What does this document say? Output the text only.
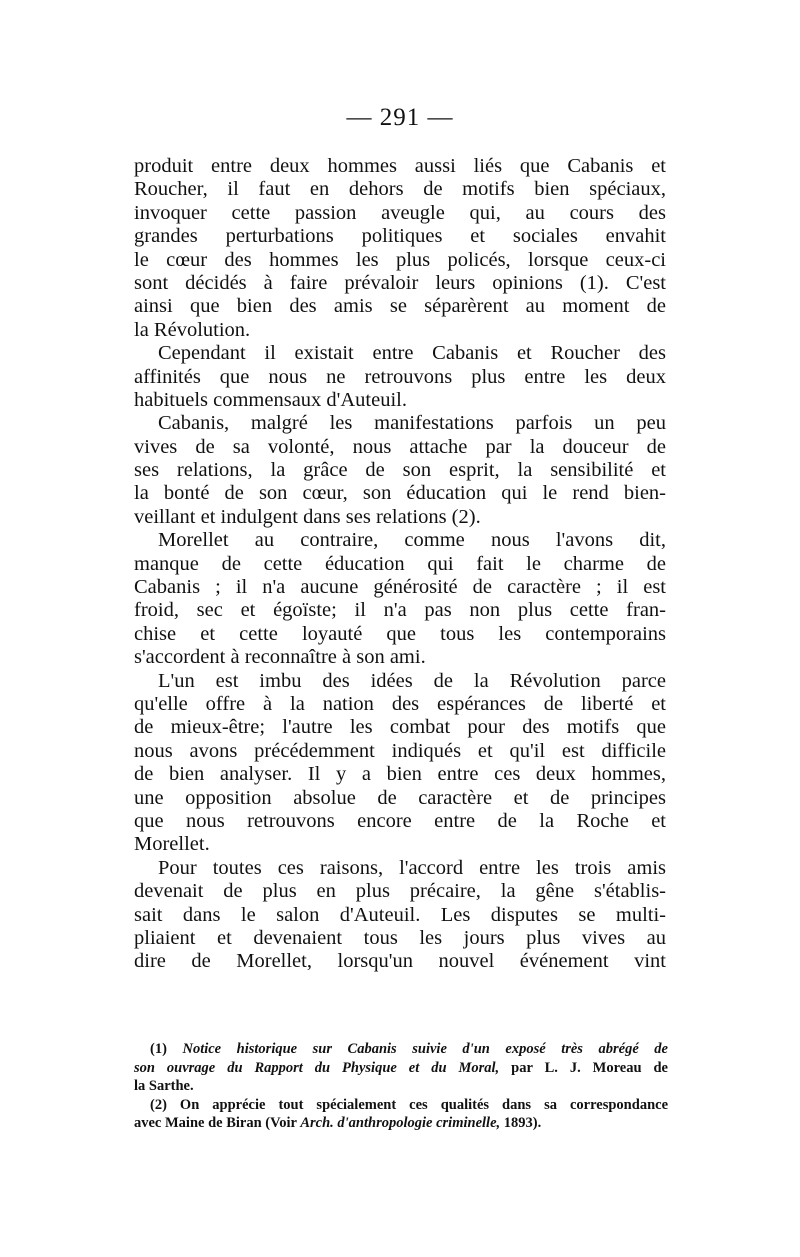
— 291 —
produit entre deux hommes aussi liés que Cabanis et
Roucher, il faut en dehors de motifs bien spéciaux,
invoquer cette passion aveugle qui, au cours des
grandes perturbations politiques et sociales envahit
le cœur des hommes les plus policés, lorsque ceux-ci
sont décidés à faire prévaloir leurs opinions (1). C'est
ainsi que bien des amis se séparèrent au moment de
la Révolution.
Cependant il existait entre Cabanis et Roucher des
affinités que nous ne retrouvons plus entre les deux
habituels commensaux d'Auteuil.
Cabanis, malgré les manifestations parfois un peu
vives de sa volonté, nous attache par la douceur de
ses relations, la grâce de son esprit, la sensibilité et
la bonté de son cœur, son éducation qui le rend bien-
veillant et indulgent dans ses relations (2).
Morellet au contraire, comme nous l'avons dit,
manque de cette éducation qui fait le charme de
Cabanis ; il n'a aucune générosité de caractère ; il est
froid, sec et égoïste; il n'a pas non plus cette fran-
chise et cette loyauté que tous les contemporains
s'accordent à reconnaître à son ami.
L'un est imbu des idées de la Révolution parce
qu'elle offre à la nation des espérances de liberté et
de mieux-être; l'autre les combat pour des motifs que
nous avons précédemment indiqués et qu'il est difficile
de bien analyser. Il y a bien entre ces deux hommes,
une opposition absolue de caractère et de principes
que nous retrouvons encore entre de la Roche et
Morellet.
Pour toutes ces raisons, l'accord entre les trois amis
devenait de plus en plus précaire, la gêne s'établis-
sait dans le salon d'Auteuil. Les disputes se multi-
pliaient et devenaient tous les jours plus vives au
dire de Morellet, lorsqu'un nouvel événement vint
(1) Notice historique sur Cabanis suivie d'un exposé très abrégé de
son ouvrage du Rapport du Physique et du Moral, par L. J. Moreau de
la Sarthe.
(2) On apprécie tout spécialement ces qualités dans sa correspondance
avec Maine de Biran (Voir Arch. d'anthropologie criminelle, 1893).
